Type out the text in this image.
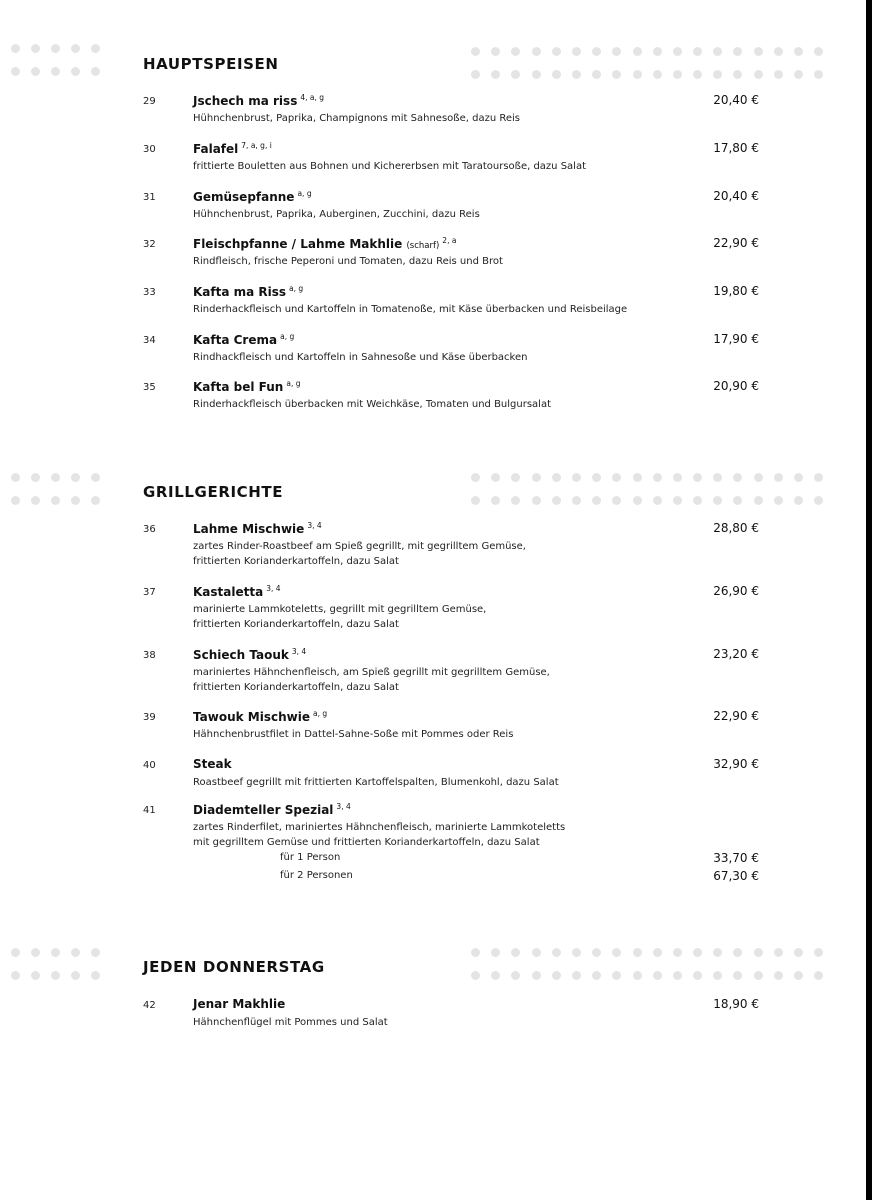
HAUPTSPEISEN
29	Jschech ma riss $^{4, a, g}$
Hühnchenbrust, Paprika, Champignons mit Sahnesoße, dazu Reis
20,40 €
30	Falafel $^{7, a, g, i}$
frittierte Bouletten aus Bohnen und Kichererbsen mit Taratoursoße, dazu Salat
17,80 €
31	Gemüsepfanne $^{a, g}$
Hühnchenbrust, Paprika, Auberginen, Zucchini, dazu Reis
20,40 €
32	Fleischpfanne / Lahme Makhlie (scharf)$^{2, a}$
Rindfleisch, frische Peperoni und Tomaten, dazu Reis und Brot
22,90 €
33	Kafta ma Riss $^{a, g}$
Rinderhackfleisch und Kartoffeln in Tomatenoße, mit Käse überbacken und Reisbeilage
19,80 €
34	Kafta Crema $^{a, g}$
Rindhackfleisch und Kartoffeln in Sahnesoße und Käse überbacken
17,90 €
35	Kafta bel Fun $^{a, g}$
Rinderhackfleisch überbacken mit Weichkäse, Tomaten und Bulgursalat
20,90 €
GRILLGERICHTE
36	Lahme Mischwie $^{3, 4}$
zartes Rinder-Roastbeef am Spieß gegrillt, mit gegrilltem Gemüse,
frittierten Korianderkartoffeln, dazu Salat
28,80 €
37	Kastaletta $^{3, 4}$
marinierte Lammkoteletts, gegrillt mit gegrilltem Gemüse,
frittierten Korianderkartoffeln, dazu Salat
26,90 €
38	Schiech Taouk $^{3, 4}$
mariniertes Hähnchenfleisch, am Spieß gegrillt mit gegrilltem Gemüse,
frittierten Korianderkartoffeln, dazu Salat
23,20 €
39	Tawouk Mischwie $^{a, g}$
Hähnchenbrustfilet in Dattel-Sahne-Soße mit Pommes oder Reis
22,90 €
40	Steak
Roastbeef gegrillt mit frittierten Kartoffelspalten, Blumenkohl, dazu Salat
32,90 €
41	Diademteller Spezial $^{3, 4}$
zartes Rinderfilet, mariniertes Hähnchenfleisch, marinierte Lammkoteletts
mit gegrilltem Gemüse und frittierten Korianderkartoffeln, dazu Salat
für 1 Person	33,70 €
für 2 Personen	67,30 €
JEDEN DONNERSTAG
42	Jenar Makhlie
Hähnchenflügel mit Pommes und Salat
18,90 €
